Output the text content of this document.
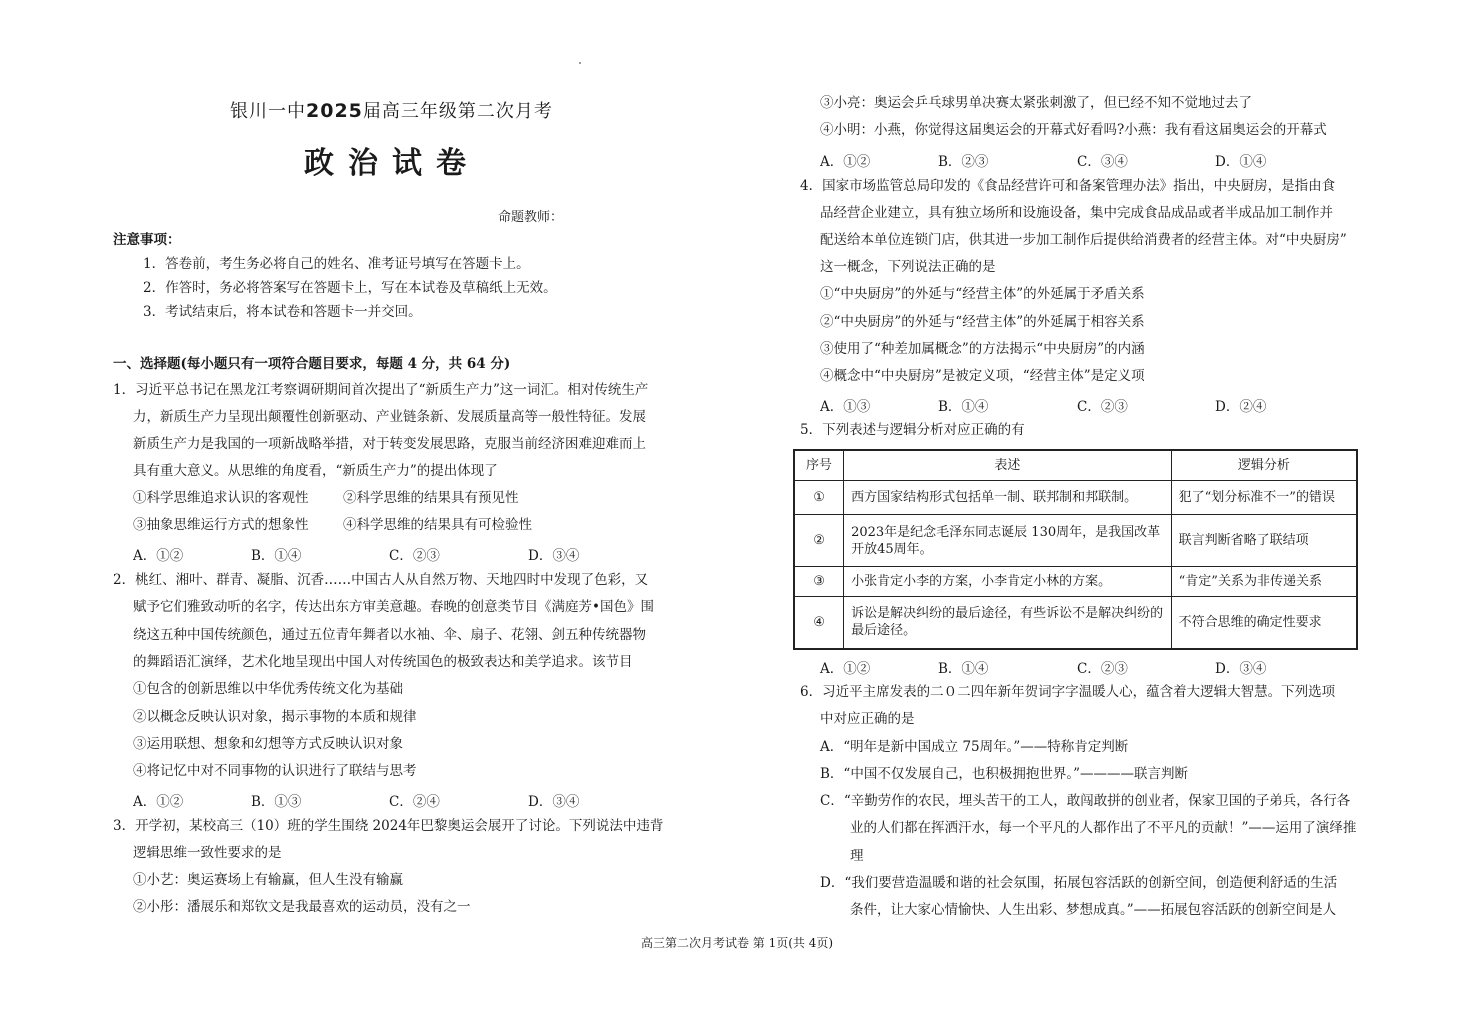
银川一中2025届高三年级第二次月考
政治试卷
命题教师：
注意事项：
1．答卷前，考生务必将自己的姓名、准考证号填写在答题卡上。
2．作答时，务必将答案写在答题卡上，写在本试卷及草稿纸上无效。
3．考试结束后，将本试卷和答题卡一并交回。
一、选择题(每小题只有一项符合题目要求，每题 4 分，共 64 分)
1．习近平总书记在黑龙江考察调研期间首次提出了“新质生产力”这一词汇。相对传统生产
力，新质生产力呈现出颠覆性创新驱动、产业链条新、发展质量高等一般性特征。发展
新质生产力是我国的一项新战略举措，对于转变发展思路，克服当前经济困难迎难而上
具有重大意义。从思维的角度看，“新质生产力”的提出体现了
①科学思维追求认识的客观性	②科学思维的结果具有预见性
③抽象思维运行方式的想象性	④科学思维的结果具有可检验性
A．①②	B．①④	C．②③	D．③④
2．桃红、湘叶、群青、凝脂、沉香……中国古人从自然万物、天地四时中发现了色彩，又
赋予它们雅致动听的名字，传达出东方审美意趣。春晚的创意类节目《满庭芳•国色》围
绕这五种中国传统颜色，通过五位青年舞者以水袖、伞、扇子、花翎、剑五种传统器物
的舞蹈语汇演绎，艺术化地呈现出中国人对传统国色的极致表达和美学追求。该节目
①包含的创新思维以中华优秀传统文化为基础
②以概念反映认识对象，揭示事物的本质和规律
③运用联想、想象和幻想等方式反映认识对象
④将记忆中对不同事物的认识进行了联结与思考
A．①②	B．①③	C．②④	D．③④
3．开学初，某校高三（10）班的学生围绕 2024年巴黎奥运会展开了讨论。下列说法中违背
逻辑思维一致性要求的是
①小艺：奥运赛场上有输赢，但人生没有输赢
②小彤：潘展乐和郑钦文是我最喜欢的运动员，没有之一
③小亮：奥运会乒乓球男单决赛太紧张刺激了，但已经不知不觉地过去了
④小明：小燕，你觉得这届奥运会的开幕式好看吗?小燕：我有看这届奥运会的开幕式
A．①②	B．②③	C．③④	D．①④
4．国家市场监管总局印发的《食品经营许可和备案管理办法》指出，中央厨房，是指由食
品经营企业建立，具有独立场所和设施设备，集中完成食品成品或者半成品加工制作并
配送给本单位连锁门店，供其进一步加工制作后提供给消费者的经营主体。对“中央厨房”
这一概念，下列说法正确的是
①“中央厨房”的外延与“经营主体”的外延属于矛盾关系
②“中央厨房”的外延与“经营主体”的外延属于相容关系
③使用了“种差加属概念”的方法揭示“中央厨房”的内涵
④概念中“中央厨房”是被定义项，“经营主体”是定义项
A．①③	B．①④	C．②③	D．②④
5．下列表述与逻辑分析对应正确的有
序号	表述	逻辑分析
①	西方国家结构形式包括单一制、联邦制和邦联制。	犯了“划分标准不一”的错误
②	2023年是纪念毛泽东同志诞辰 130周年，是我国改革开放45周年。	联言判断省略了联结项
③	小张肯定小李的方案，小李肯定小林的方案。	“肯定”关系为非传递关系
④	诉讼是解决纠纷的最后途径，有些诉讼不是解决纠纷的最后途径。	不符合思维的确定性要求
A．①②	B．①④	C．②③	D．③④
6．习近平主席发表的二０二四年新年贺词字字温暖人心，蕴含着大逻辑大智慧。下列选项
中对应正确的是
A．“明年是新中国成立 75周年。”——特称肯定判断
B．“中国不仅发展自己，也积极拥抱世界。”————联言判断
C．“辛勤劳作的农民，埋头苦干的工人，敢闯敢拼的创业者，保家卫国的子弟兵，各行各
业的人们都在挥洒汗水，每一个平凡的人都作出了不平凡的贡献！”——运用了演绎推
理
D．“我们要营造温暖和谐的社会氛围，拓展包容活跃的创新空间，创造便利舒适的生活
条件，让大家心情愉快、人生出彩、梦想成真。”——拓展包容活跃的创新空间是人
高三第二次月考试卷 第 1页(共 4页)
